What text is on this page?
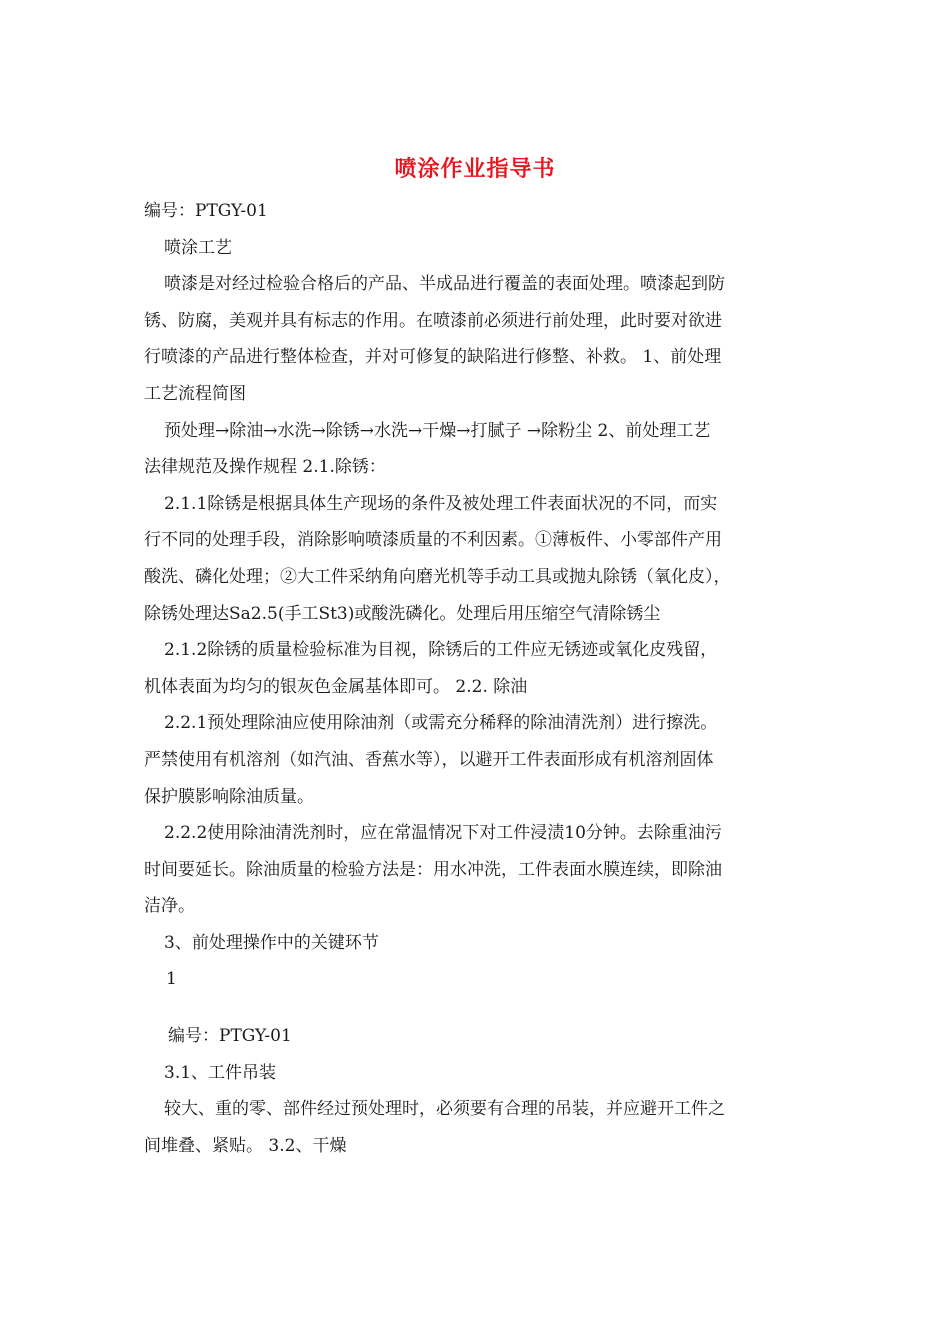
喷涂作业指导书
编号：PTGY-01
喷涂工艺
喷漆是对经过检验合格后的产品、半成品进行覆盖的表面处理。喷漆起到防
锈、防腐，美观并具有标志的作用。在喷漆前必须进行前处理，此时要对欲进
行喷漆的产品进行整体检查，并对可修复的缺陷进行修整、补救。 1、前处理
工艺流程简图
预处理→除油→水洗→除锈→水洗→干燥→打腻子 →除粉尘 2、前处理工艺
法律规范及操作规程 2.1.除锈：
2.1.1除锈是根据具体生产现场的条件及被处理工件表面状况的不同，而实
行不同的处理手段，消除影响喷漆质量的不利因素。①薄板件、小零部件产用
酸洗、磷化处理；②大工件采纳角向磨光机等手动工具或抛丸除锈（氧化皮），
除锈处理达Sa2.5(手工St3)或酸洗磷化。处理后用压缩空气清除锈尘
2.1.2除锈的质量检验标准为目视，除锈后的工件应无锈迹或氧化皮残留，
机体表面为均匀的银灰色金属基体即可。 2.2. 除油
2.2.1预处理除油应使用除油剂（或需充分稀释的除油清洗剂）进行擦洗。
严禁使用有机溶剂（如汽油、香蕉水等），以避开工件表面形成有机溶剂固体
保护膜影响除油质量。
2.2.2使用除油清洗剂时，应在常温情况下对工件浸渍10分钟。去除重油污
时间要延长。除油质量的检验方法是：用水冲洗，工件表面水膜连续，即除油
洁净。
3、前处理操作中的关键环节
1
编号：PTGY-01
3.1、工件吊装
较大、重的零、部件经过预处理时，必须要有合理的吊装，并应避开工件之
间堆叠、紧贴。 3.2、干燥
